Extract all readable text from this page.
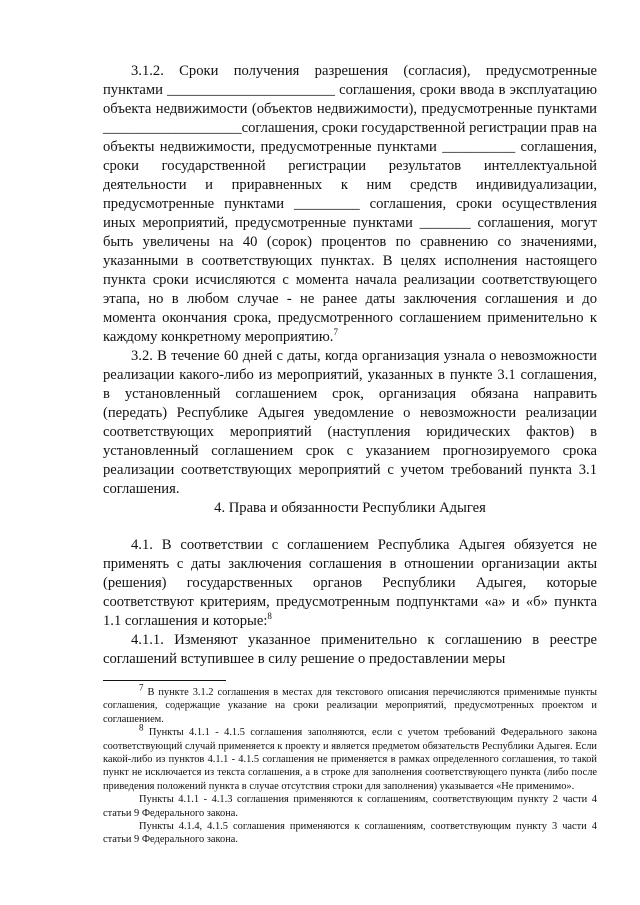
3.1.2. Сроки получения разрешения (согласия), предусмотренные пунктами _______________________ соглашения, сроки ввода в эксплуатацию объекта недвижимости (объектов недвижимости), предусмотренные пунктами ___________________соглашения, сроки государственной регистрации прав на объекты недвижимости, предусмотренные пунктами __________ соглашения, сроки государственной регистрации результатов интеллектуальной деятельности и приравненных к ним средств индивидуализации, предусмотренные пунктами _________ соглашения, сроки осуществления иных мероприятий, предусмотренные пунктами _______ соглашения, могут быть увеличены на 40 (сорок) процентов по сравнению со значениями, указанными в соответствующих пунктах. В целях исполнения настоящего пункта сроки исчисляются с момента начала реализации соответствующего этапа, но в любом случае - не ранее даты заключения соглашения и до момента окончания срока, предусмотренного соглашением применительно к каждому конкретному мероприятию.$^7$

3.2. В течение 60 дней с даты, когда организация узнала о невозможности реализации какого-либо из мероприятий, указанных в пункте 3.1 соглашения, в установленный соглашением срок, организация обязана направить (передать) Республике Адыгея уведомление о невозможности реализации соответствующих мероприятий (наступления юридических фактов) в установленный соглашением срок с указанием прогнозируемого срока реализации соответствующих мероприятий с учетом требований пункта 3.1 соглашения.

4. Права и обязанности Республики Адыгея

4.1. В соответствии с соглашением Республика Адыгея обязуется не применять с даты заключения соглашения в отношении организации акты (решения) государственных органов Республики Адыгея, которые соответствуют критериям, предусмотренным подпунктами «а» и «б» пункта 1.1 соглашения и которые:$^8$

4.1.1. Изменяют указанное применительно к соглашению в реестре соглашений вступившее в силу решение о предоставлении меры

$^7$ В пункте 3.1.2 соглашения в местах для текстового описания перечисляются применимые пункты соглашения, содержащие указание на сроки реализации мероприятий, предусмотренных проектом и соглашением.

$^8$ Пункты 4.1.1 - 4.1.5 соглашения заполняются, если с учетом требований Федерального закона соответствующий случай применяется к проекту и является предметом обязательств Республики Адыгея. Если какой-либо из пунктов 4.1.1 - 4.1.5 соглашения не применяется в рамках определенного соглашения, то такой пункт не исключается из текста соглашения, а в строке для заполнения соответствующего пункта (либо после приведения положений пункта в случае отсутствия строки для заполнения) указывается «Не применимо».

Пункты 4.1.1 - 4.1.3 соглашения применяются к соглашениям, соответствующим пункту 2 части 4 статьи 9 Федерального закона.

Пункты 4.1.4, 4.1.5 соглашения применяются к соглашениям, соответствующим пункту 3 части 4 статьи 9 Федерального закона.
